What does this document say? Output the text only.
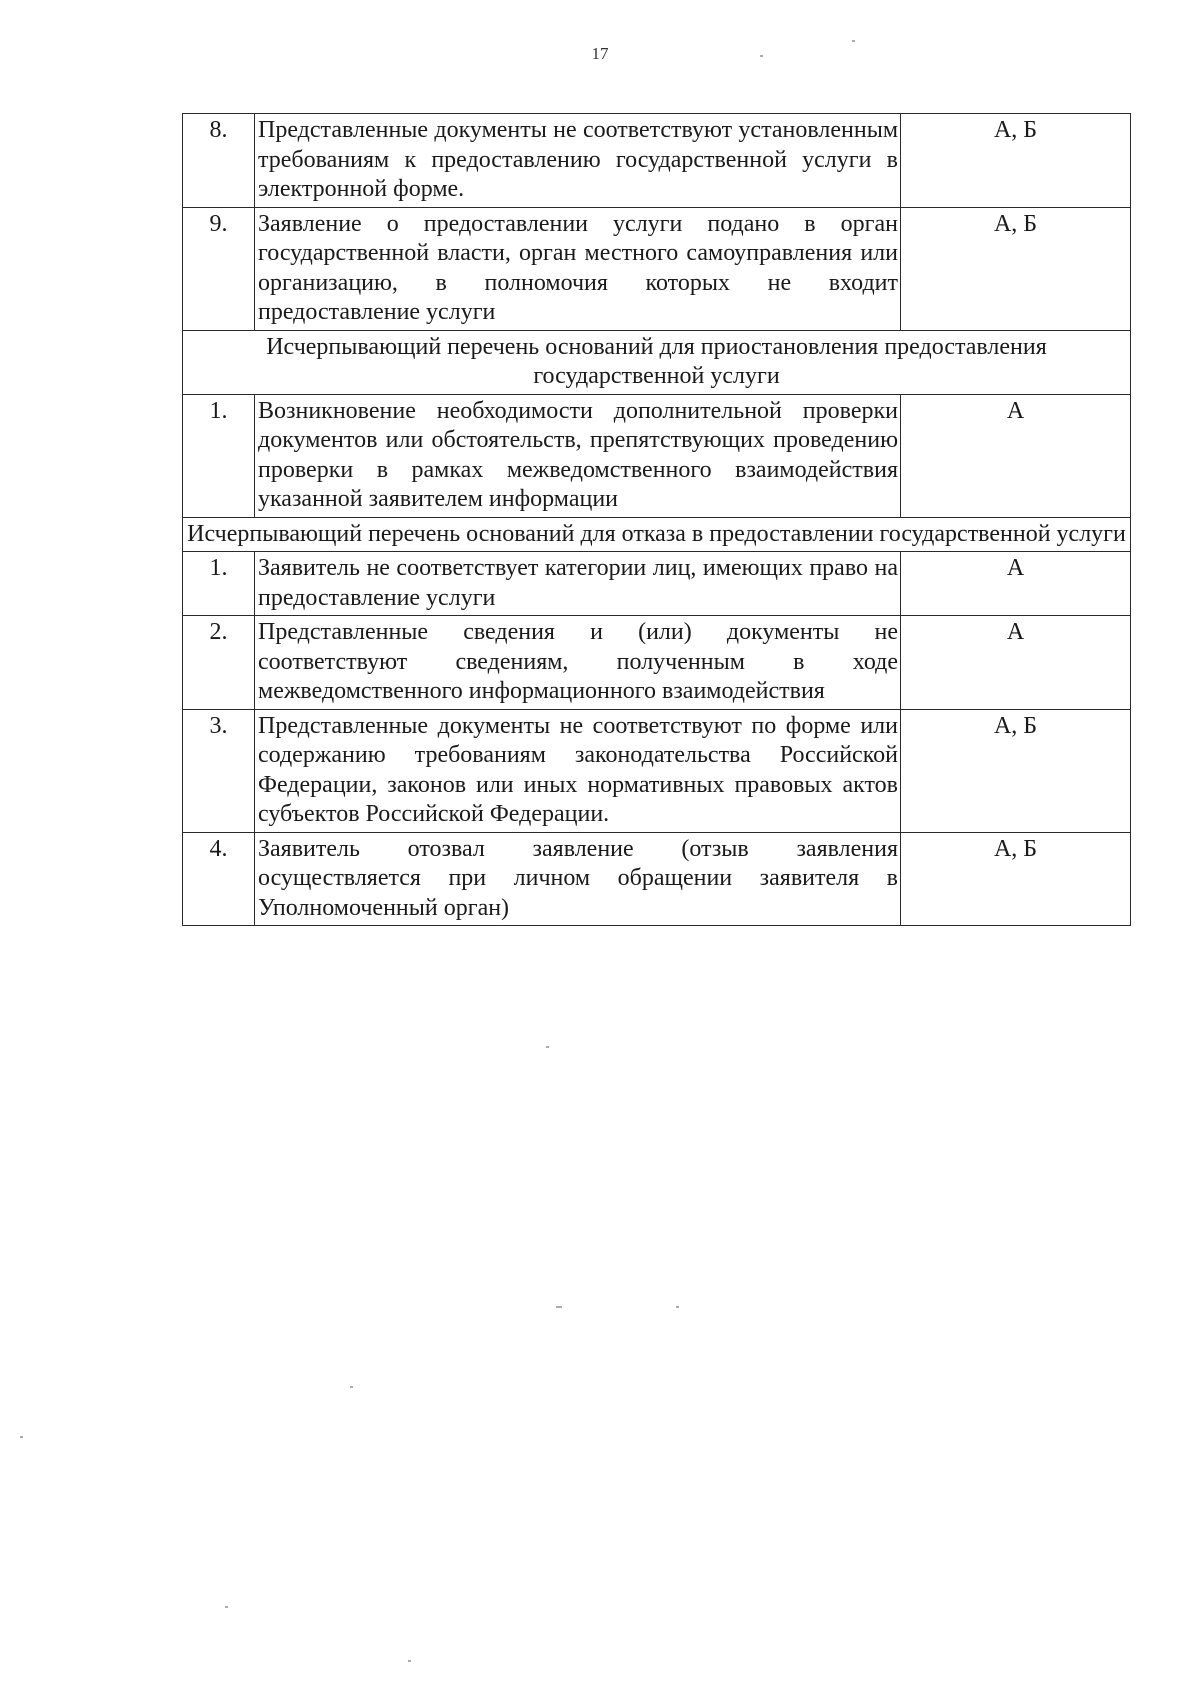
17
8.	Представленные документы не соответствуют установленным требованиям к предоставлению государственной услуги в электронной форме.	А, Б
9.	Заявление о предоставлении услуги подано в орган государственной власти, орган местного самоуправления или организацию, в полномочия которых не входит предоставление услуги	А, Б
Исчерпывающий перечень оснований для приостановления предоставления государственной услуги		
1.	Возникновение необходимости дополнительной проверки документов или обстоятельств, препятствующих проведению проверки в рамках межведомственного взаимодействия указанной заявителем информации	А
Исчерпывающий перечень оснований для отказа в предоставлении государственной услуги		
1.	Заявитель не соответствует категории лиц, имеющих право на предоставление услуги	А
2.	Представленные сведения и (или) документы не соответствуют сведениям, полученным в ходе межведомственного информационного взаимодействия	А
3.	Представленные документы не соответствуют по форме или содержанию требованиям законодательства Российской Федерации, законов или иных нормативных правовых актов субъектов Российской Федерации.	А, Б
4.	Заявитель отозвал заявление (отзыв заявления осуществляется при личном обращении заявителя в Уполномоченный орган)	А, Б
